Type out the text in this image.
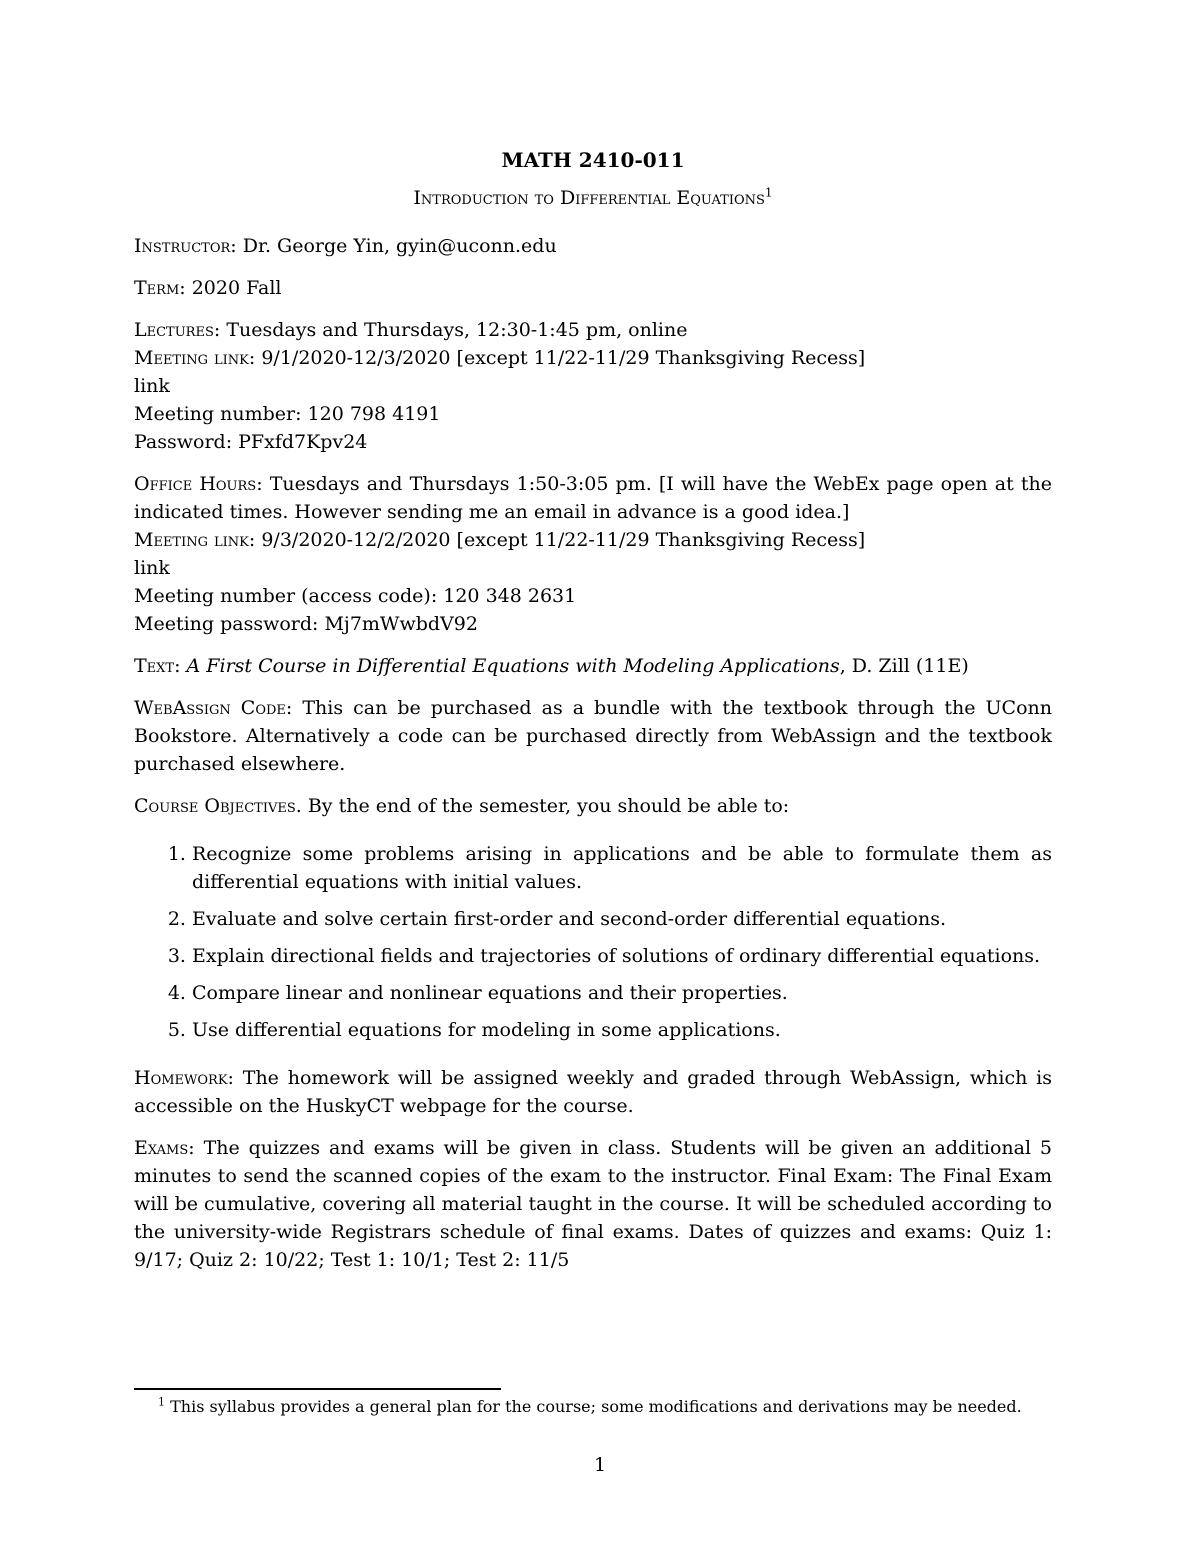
MATH 2410-011
Introduction to Differential Equations$^1$

Instructor: Dr. George Yin, gyin@uconn.edu

Term: 2020 Fall

Lectures: Tuesdays and Thursdays, 12:30-1:45 pm, online
Meeting link: 9/1/2020-12/3/2020 [except 11/22-11/29 Thanksgiving Recess]
link
Meeting number: 120 798 4191
Password: PFxfd7Kpv24
Office Hours: Tuesdays and Thursdays 1:50-3:05 pm. [I will have the WebEx page open at the indicated times. However sending me an email in advance is a good idea.]
Meeting link: 9/3/2020-12/2/2020 [except 11/22-11/29 Thanksgiving Recess]
link
Meeting number (access code): 120 348 2631
Meeting password: Mj7mWwbdV92

Text: A First Course in Differential Equations with Modeling Applications, D. Zill (11E)

WebAssign Code: This can be purchased as a bundle with the textbook through the UConn Bookstore. Alternatively a code can be purchased directly from WebAssign and the textbook purchased elsewhere.

Course Objectives. By the end of the semester, you should be able to:

1. Recognize some problems arising in applications and be able to formulate them as differential equations with initial values.
2. Evaluate and solve certain first-order and second-order differential equations.
3. Explain directional fields and trajectories of solutions of ordinary differential equations.
4. Compare linear and nonlinear equations and their properties.
5. Use differential equations for modeling in some applications.

Homework: The homework will be assigned weekly and graded through WebAssign, which is accessible on the HuskyCT webpage for the course.

Exams: The quizzes and exams will be given in class. Students will be given an additional 5 minutes to send the scanned copies of the exam to the instructor. Final Exam: The Final Exam will be cumulative, covering all material taught in the course. It will be scheduled according to the university-wide Registrars schedule of final exams. Dates of quizzes and exams: Quiz 1: 9/17; Quiz 2: 10/22; Test 1: 10/1; Test 2: 11/5

$^1$ This syllabus provides a general plan for the course; some modifications and derivations may be needed.
1
